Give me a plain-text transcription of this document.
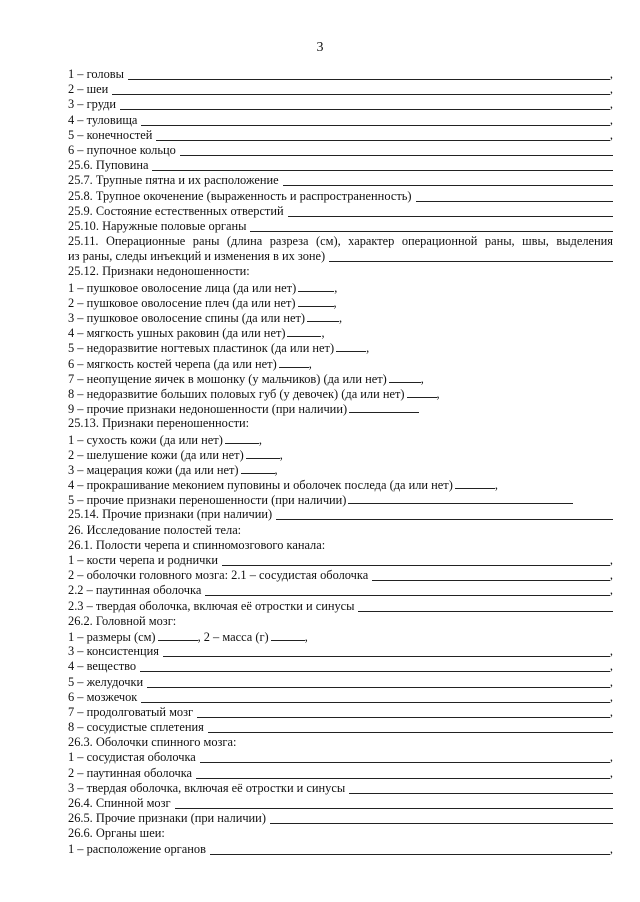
3
1 – головы	,
2 – шеи	,
3 – груди	,
4 – туловища	,
5 – конечностей	,
6 – пупочное кольцо
25.6. Пуповина
25.7. Трупные пятна и их расположение
25.8. Трупное окоченение (выраженность и распространенность)
25.9. Состояние естественных отверстий
25.10. Наружные половые органы
25.11. Операционные раны (длина разреза (см), характер операционной раны, швы, выделения
из раны, следы инъекций и изменения в их зоне)
25.12. Признаки недоношенности:
1 – пушковое оволосение лица (да или нет)	,
2 – пушковое оволосение плеч (да или нет)	,
3 – пушковое оволосение спины (да или нет)	,
4 – мягкость ушных раковин (да или нет)	,
5 – недоразвитие ногтевых пластинок (да или нет)	,
6 – мягкость костей черепа (да или нет)	,
7 – неопущение яичек в мошонку (у мальчиков) (да или нет)	,
8 – недоразвитие больших половых губ (у девочек) (да или нет)	,
9 – прочие признаки недоношенности (при наличии)
25.13. Признаки переношенности:
1 – сухость кожи (да или нет)	,
2 – шелушение кожи (да или нет)	,
3 – мацерация кожи (да или нет)	,
4 – прокрашивание меконием пуповины и оболочек последа (да или нет)	,
5 – прочие признаки переношенности (при наличии)
25.14. Прочие признаки (при наличии)
26. Исследование полостей тела:
26.1. Полости черепа и спинномозгового канала:
1 – кости черепа и роднички	,
2 – оболочки головного мозга: 2.1 – сосудистая оболочка	,
2.2 – паутинная оболочка	,
2.3 – твердая оболочка, включая её отростки и синусы
26.2. Головной мозг:
1 – размеры (см)	, 2 – масса (г)	,
3 – консистенция	,
4 – вещество	,
5 – желудочки	,
6 – мозжечок	,
7 – продолговатый мозг	,
8 – сосудистые сплетения
26.3. Оболочки спинного мозга:
1 – сосудистая оболочка	,
2 – паутинная оболочка	,
3 – твердая оболочка, включая её отростки и синусы
26.4. Спинной мозг
26.5. Прочие признаки (при наличии)
26.6. Органы шеи:
1 – расположение органов	,
